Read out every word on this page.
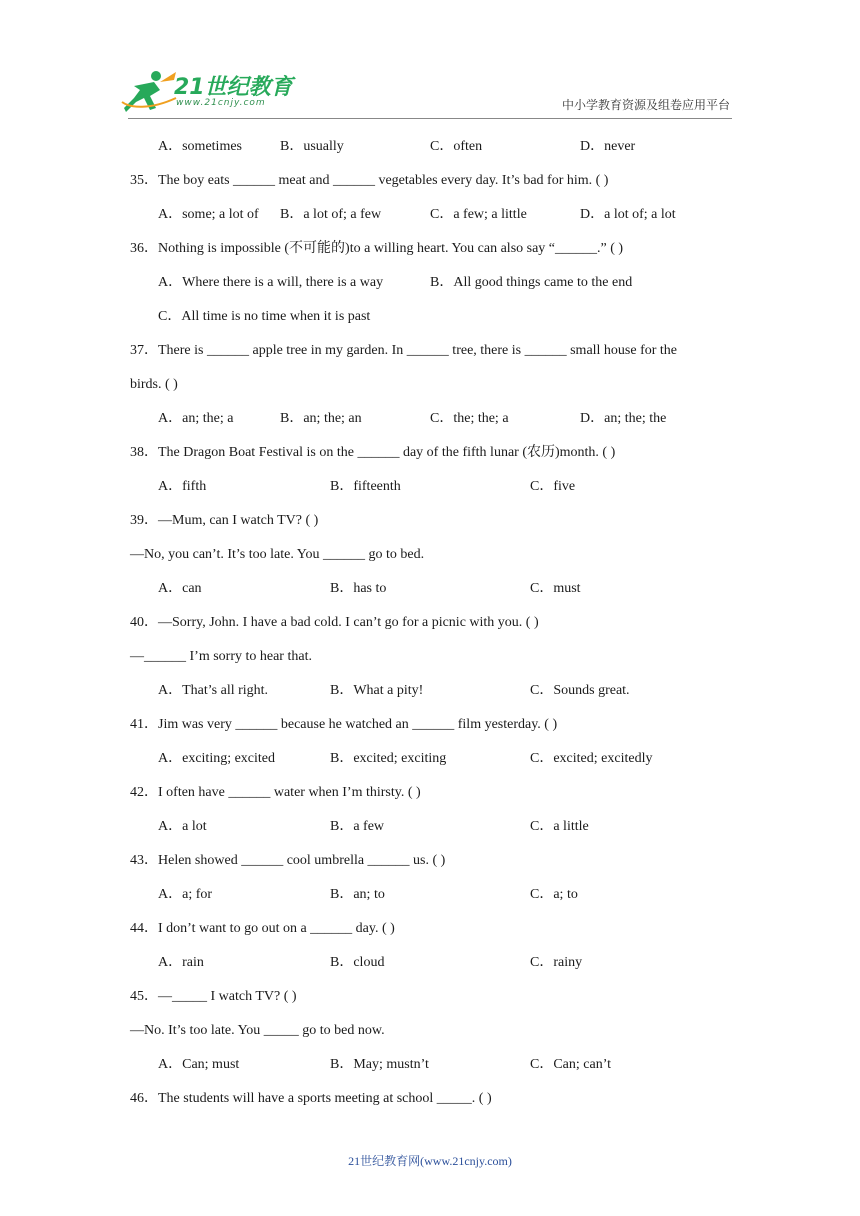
21世纪教育
www.21cnjy.com	中小学教育资源及组卷应用平台
A．sometimes	B．usually	C．often	D．never
35．The boy eats ______ meat and ______ vegetables every day. It’s bad for him. ( )
A．some; a lot of B．a lot of; a few	C．a few; a little	D．a lot of; a lot
36．Nothing is impossible (不可能的)to a willing heart. You can also say “______.” ( )
A．Where there is a will, there is a way	B．All good things came to the end
C．All time is no time when it is past
37．There is ______ apple tree in my garden. In ______ tree, there is ______ small house for the
birds. ( )
A．an; the; a	B．an; the; an	C．the; the; a	D．an; the; the
38．The Dragon Boat Festival is on the ______ day of the fifth lunar (农历)month. ( )
A．fifth	B．fifteenth	C．five
39．—Mum, can I watch TV? ( )
—No, you can’t. It’s too late. You ______ go to bed.
A．can	B．has to	C．must
40．—Sorry, John. I have a bad cold. I can’t go for a picnic with you. ( )
—______ I’m sorry to hear that.
A．That’s all right.	B．What a pity!	C．Sounds great.
41．Jim was very ______ because he watched an ______ film yesterday. ( )
A．exciting; excited	B．excited; exciting	C．excited; excitedly
42．I often have ______ water when I’m thirsty. ( )
A．a lot	B．a few	C．a little
43．Helen showed ______ cool umbrella ______ us. ( )
A．a; for	B．an; to	C．a; to
44．I don’t want to go out on a ______ day. ( )
A．rain	B．cloud	C．rainy
45．—_____ I watch TV? ( )
—No. It’s too late. You _____ go to bed now.
A．Can; must	B．May; mustn’t	C．Can; can’t
46．The students will have a sports meeting at school _____. ( )
21世纪教育网(www.21cnjy.com)
